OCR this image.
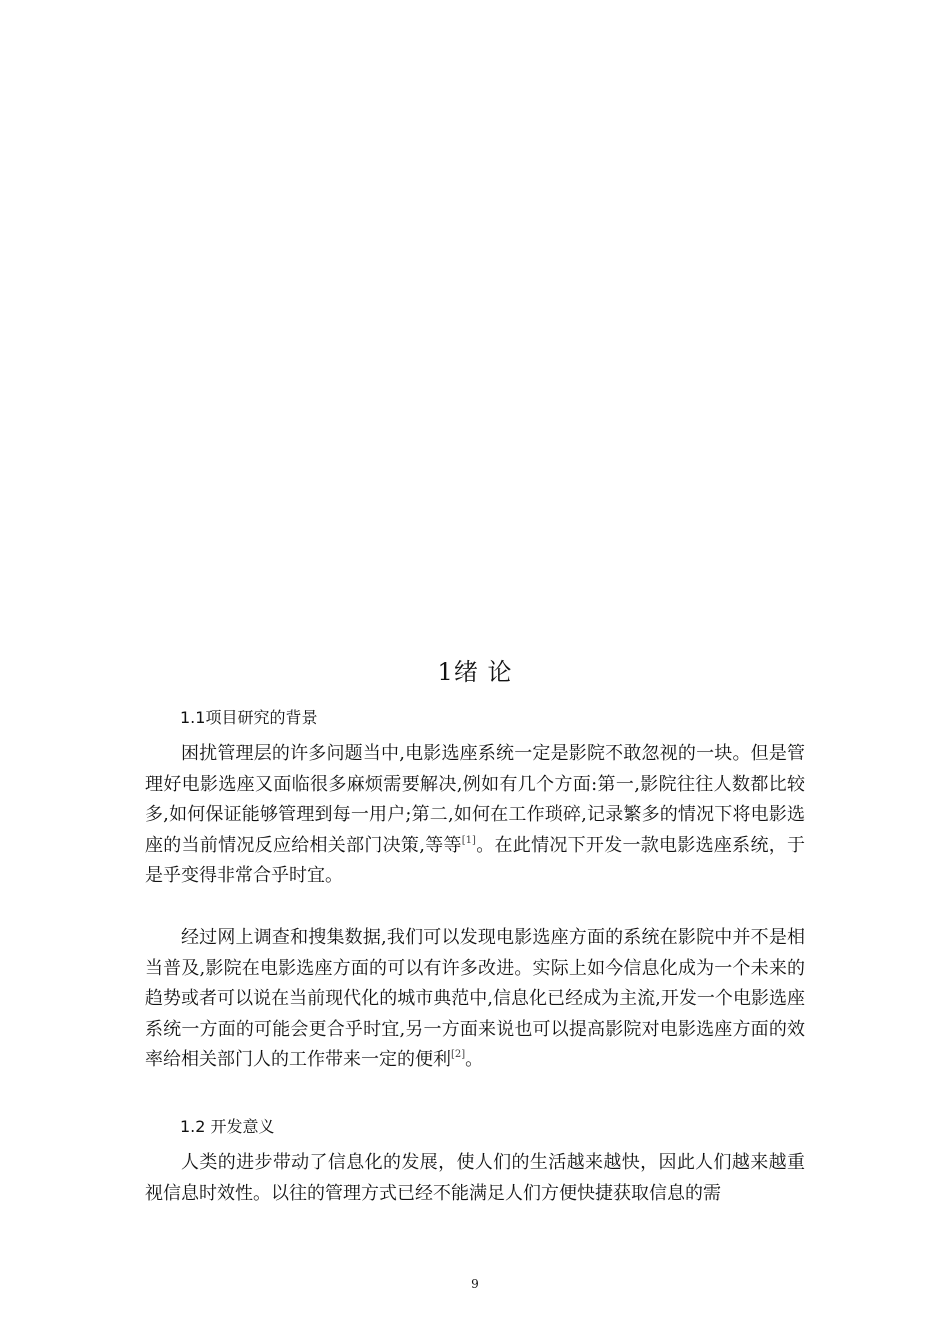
1绪 论
1.1项目研究的背景

困扰管理层的许多问题当中,电影选座系统一定是影院不敢忽视的一块。但是管理好电影选座又面临很多麻烦需要解决,例如有几个方面:第一,影院往往人数都比较多,如何保证能够管理到每一用户;第二,如何在工作琐碎,记录繁多的情况下将电影选座的当前情况反应给相关部门决策,等等[1]。在此情况下开发一款电影选座系统，于是乎变得非常合乎时宜。

经过网上调查和搜集数据,我们可以发现电影选座方面的系统在影院中并不是相当普及,影院在电影选座方面的可以有许多改进。实际上如今信息化成为一个未来的趋势或者可以说在当前现代化的城市典范中,信息化已经成为主流,开发一个电影选座系统一方面的可能会更合乎时宜,另一方面来说也可以提高影院对电影选座方面的效率给相关部门人的工作带来一定的便利[2]。

1.2 开发意义

人类的进步带动了信息化的发展，使人们的生活越来越快，因此人们越来越重视信息时效性。以往的管理方式已经不能满足人们方便快捷获取信息的需

9
